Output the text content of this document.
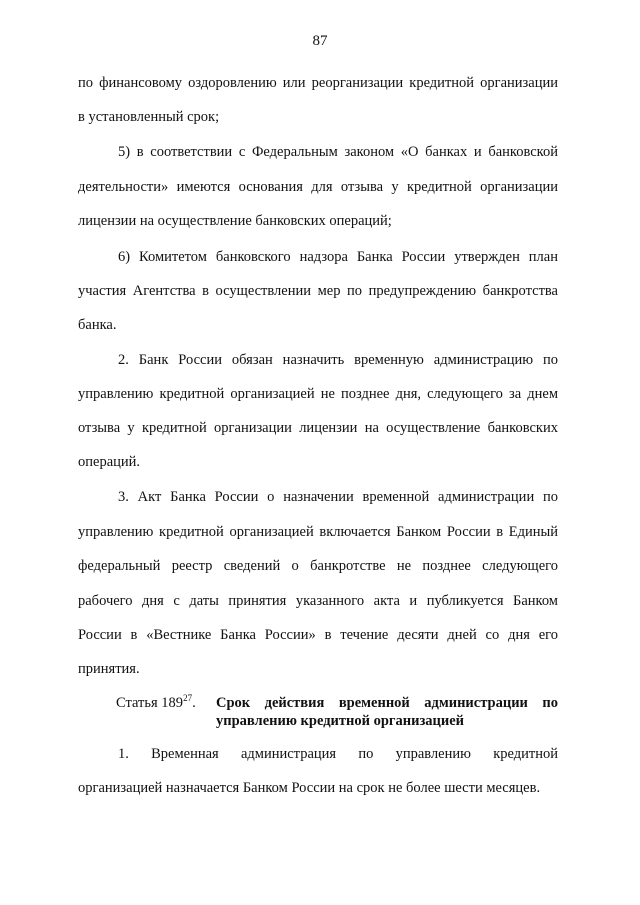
87
по финансовому оздоровлению или реорганизации кредитной организации
в установленный срок;
5) в соответствии с Федеральным законом «О банках и банковской
деятельности» имеются основания для отзыва у кредитной организации
лицензии на осуществление банковских операций;
6) Комитетом банковского надзора Банка России утвержден план
участия Агентства в осуществлении мер по предупреждению банкротства
банка.
2. Банк России обязан назначить временную администрацию по
управлению кредитной организацией не позднее дня, следующего за днем
отзыва у кредитной организации лицензии на осуществление банковских
операций.
3. Акт Банка России о назначении временной администрации по
управлению кредитной организацией включается Банком России в Единый
федеральный реестр сведений о банкротстве не позднее следующего
рабочего дня с даты принятия указанного акта и публикуется Банком
России в «Вестнике Банка России» в течение десяти дней со дня его
принятия.
Статья $189^{27}$. Срок действия временной администрации по
управлению кредитной организацией
1. Временная администрация по управлению кредитной
организацией назначается Банком России на срок не более шести месяцев.
